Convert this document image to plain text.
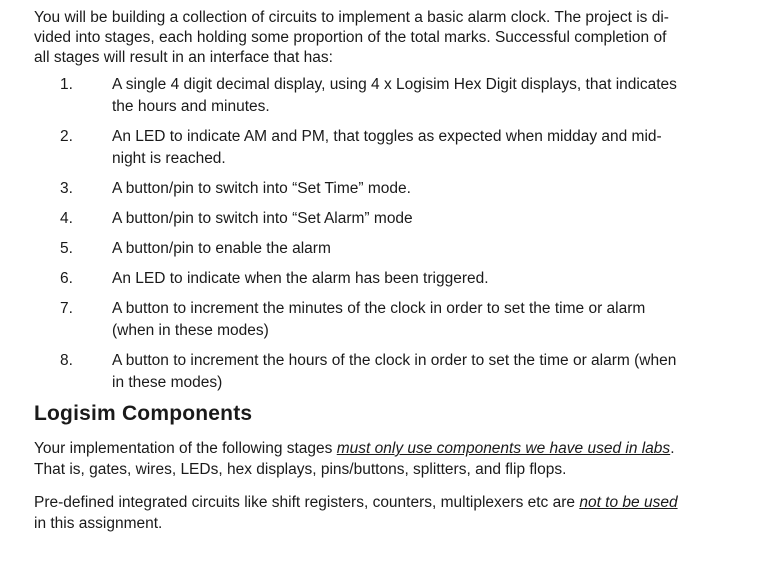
You will be building a collection of circuits to implement a basic alarm clock. The project is di-
vided into stages, each holding some proportion of the total marks. Successful completion of
all stages will result in an interface that has:

1.	A single 4 digit decimal display, using 4 x Logisim Hex Digit displays, that indicates
the hours and minutes.
2.	An LED to indicate AM and PM, that toggles as expected when midday and mid-
night is reached.
3.	A button/pin to switch into “Set Time” mode.
4.	A button/pin to switch into “Set Alarm” mode
5.	A button/pin to enable the alarm
6.	An LED to indicate when the alarm has been triggered.
7.	A button to increment the minutes of the clock in order to set the time or alarm
(when in these modes)
8.	A button to increment the hours of the clock in order to set the time or alarm (when
in these modes)
Logisim Components

Your implementation of the following stages must only use components we have used in labs.
That is, gates, wires, LEDs, hex displays, pins/buttons, splitters, and flip flops.

Pre-defined integrated circuits like shift registers, counters, multiplexers etc are not to be used
in this assignment.
